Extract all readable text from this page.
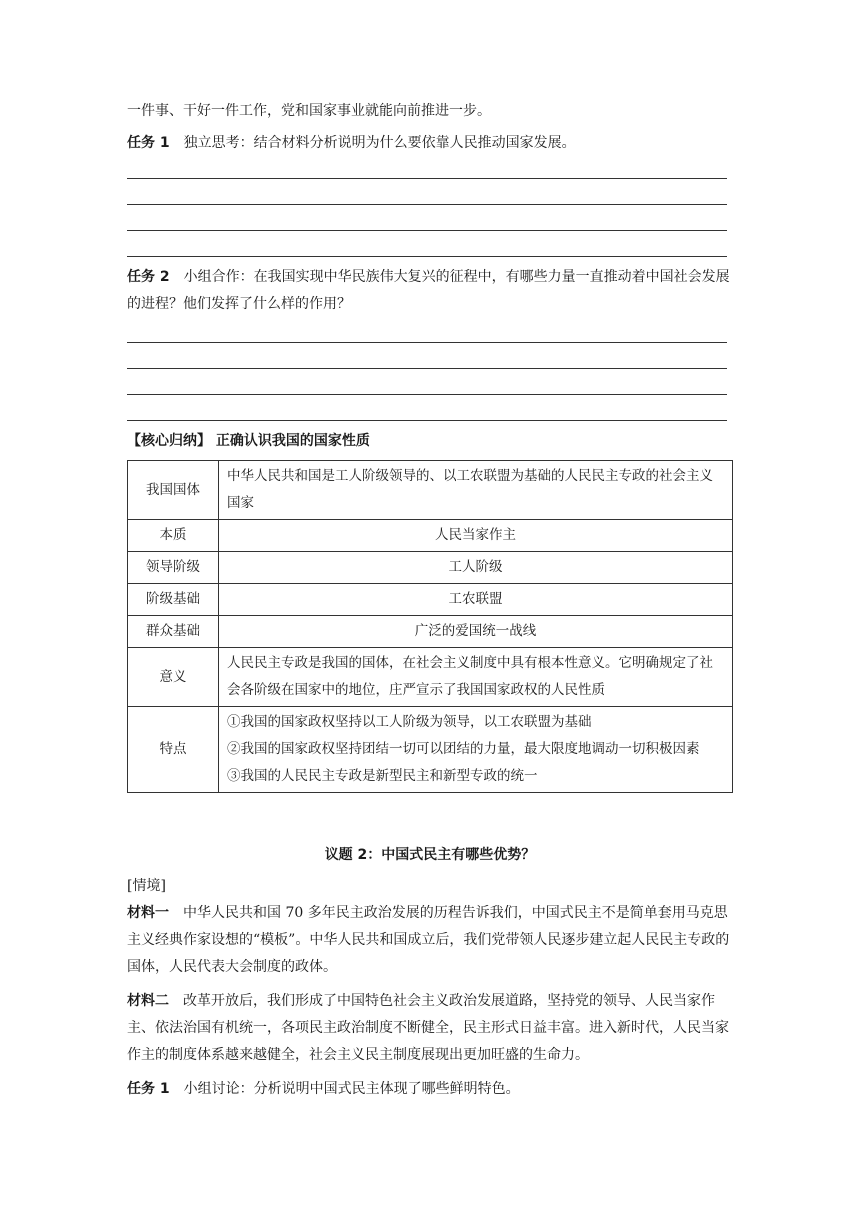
一件事、干好一件工作，党和国家事业就能向前推进一步。

任务 1　独立思考：结合材料分析说明为什么要依靠人民推动国家发展。

任务 2　小组合作：在我国实现中华民族伟大复兴的征程中，有哪些力量一直推动着中国社会发展的进程？他们发挥了什么样的作用？

【核心归纳】 正确认识我国的国家性质
我国国体	中华人民共和国是工人阶级领导的、以工农联盟为基础的人民民主专政的社会主义国家
本质	人民当家作主
领导阶级	工人阶级
阶级基础	工农联盟
群众基础	广泛的爱国统一战线
意义	人民民主专政是我国的国体，在社会主义制度中具有根本性意义。它明确规定了社会各阶级在国家中的地位，庄严宣示了我国国家政权的人民性质
特点	①我国的国家政权坚持以工人阶级为领导，以工农联盟为基础
②我国的国家政权坚持团结一切可以团结的力量，最大限度地调动一切积极因素
③我国的人民民主专政是新型民主和新型专政的统一
议题 2：中国式民主有哪些优势？

[情境]

材料一　中华人民共和国 70 多年民主政治发展的历程告诉我们，中国式民主不是简单套用马克思主义经典作家设想的“模板”。中华人民共和国成立后，我们党带领人民逐步建立起人民民主专政的国体，人民代表大会制度的政体。

材料二　改革开放后，我们形成了中国特色社会主义政治发展道路，坚持党的领导、人民当家作主、依法治国有机统一，各项民主政治制度不断健全，民主形式日益丰富。进入新时代，人民当家作主的制度体系越来越健全，社会主义民主制度展现出更加旺盛的生命力。

任务 1　小组讨论：分析说明中国式民主体现了哪些鲜明特色。
